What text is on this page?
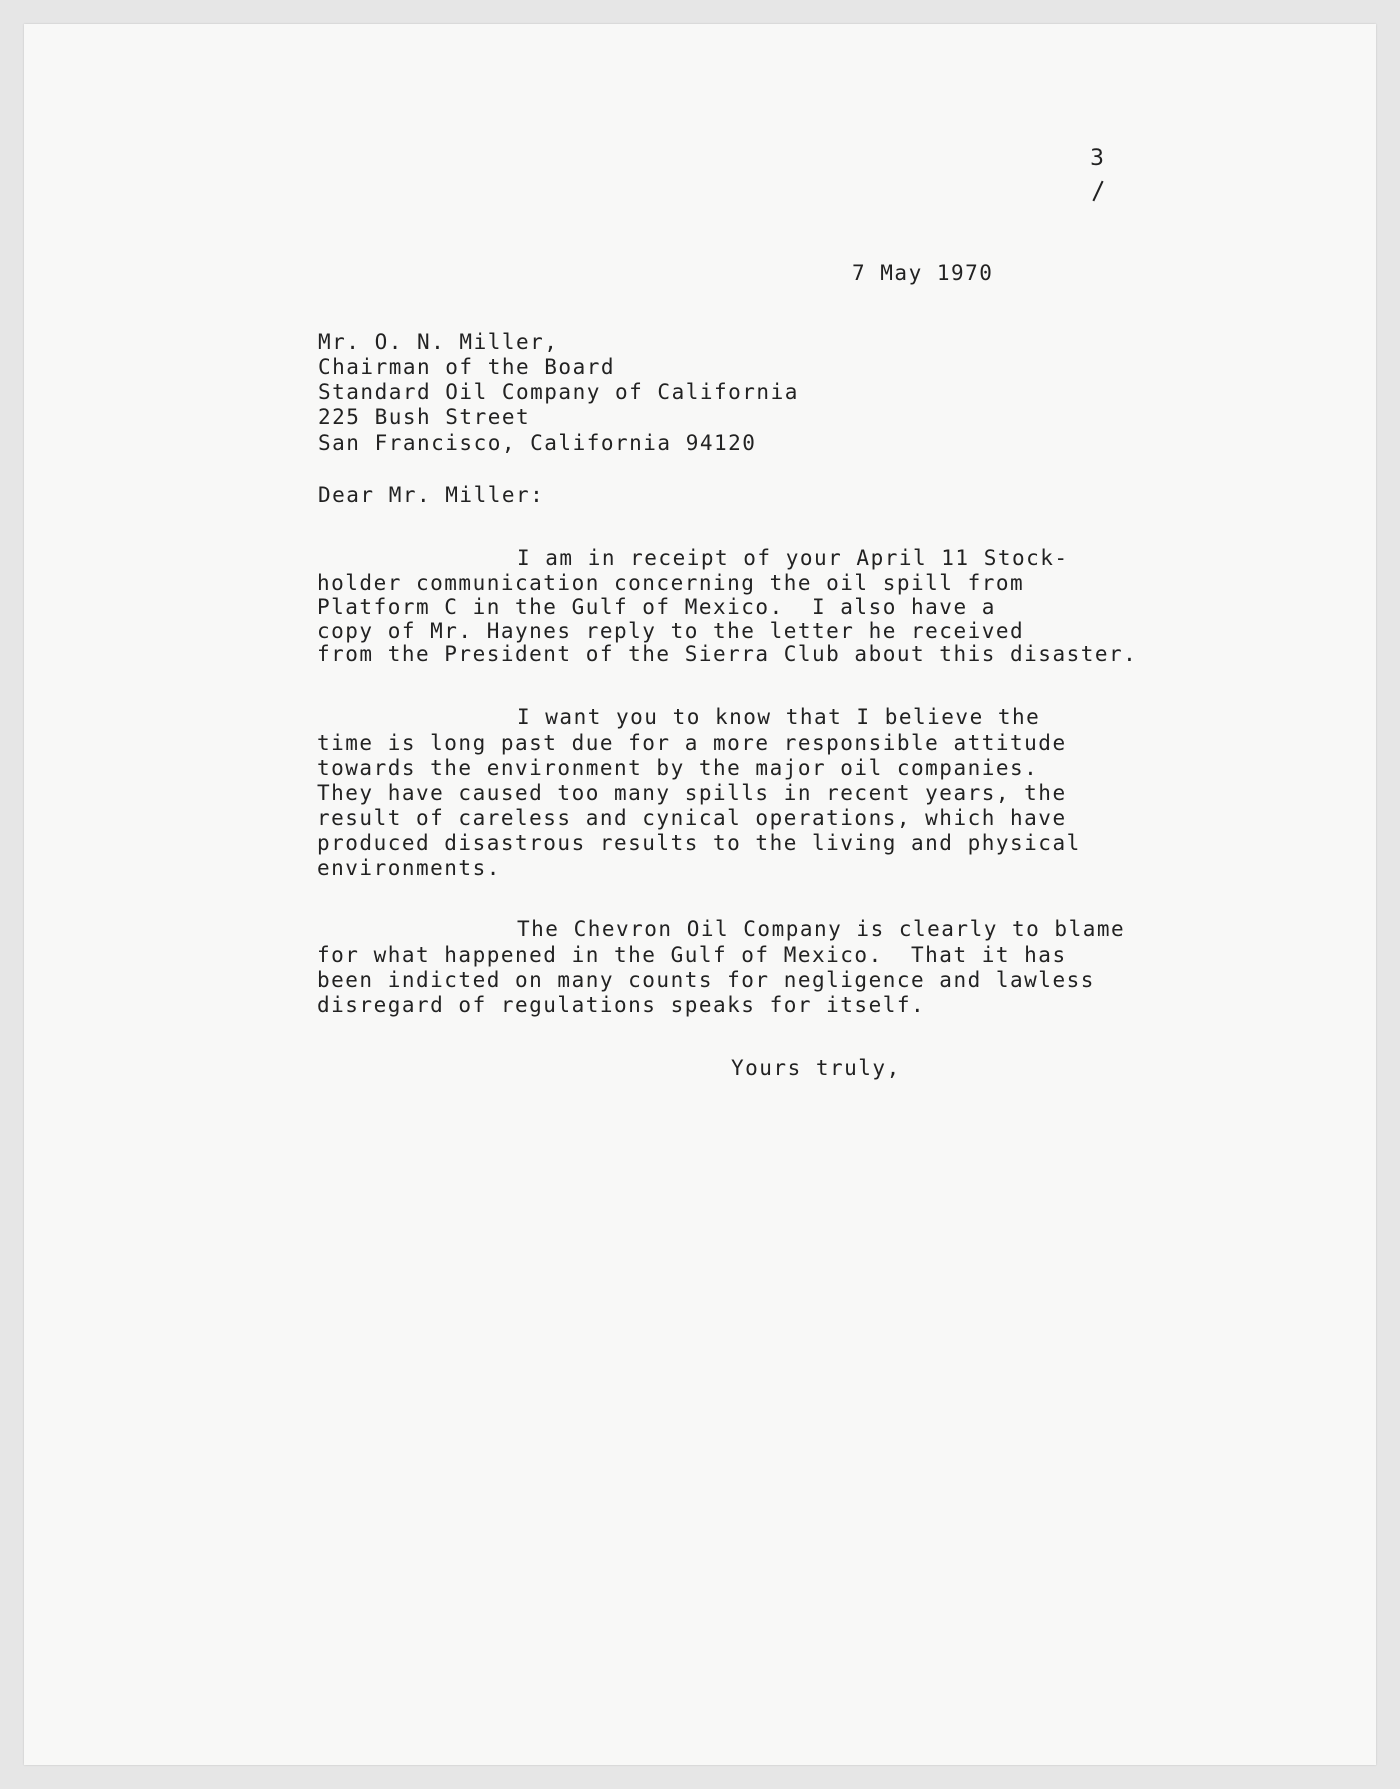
3
7 May 1970
Mr. O. N. Miller,
Chairman of the Board
Standard Oil Company of California
225 Bush Street
San Francisco, California 94120
Dear Mr. Miller:
I am in receipt of your April 11 Stock-
holder communication concerning the oil spill from
Platform C in the Gulf of Mexico.  I also have a
copy of Mr. Haynes reply to the letter he received
from the President of the Sierra Club about this disaster.
I want you to know that I believe the
time is long past due for a more responsible attitude
towards the environment by the major oil companies.
They have caused too many spills in recent years, the
result of careless and cynical operations, which have
produced disastrous results to the living and physical
environments.
The Chevron Oil Company is clearly to blame
for what happened in the Gulf of Mexico.  That it has
been indicted on many counts for negligence and lawless
disregard of regulations speaks for itself.
Yours truly,
